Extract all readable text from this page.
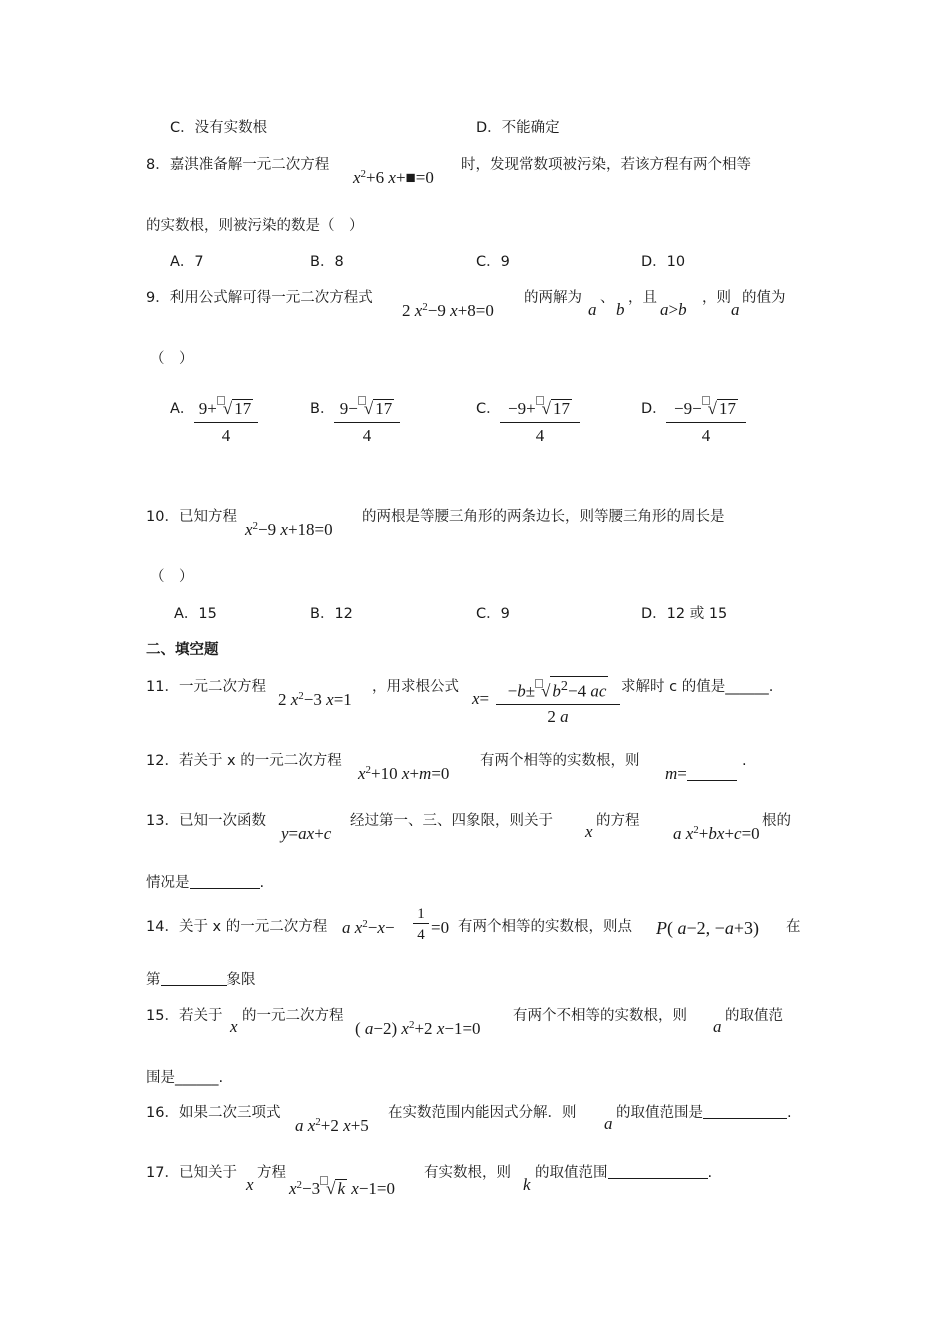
C．没有实数根	D．不能确定
8．嘉淇准备解一元二次方程
$x^2+6$ x+■=0
时，发现常数项被污染，若该方程有两个相等
的实数根，则被污染的数是（　）
A．7	B．8	C．9	D．10
9．利用公式解可得一元二次方程式
2 $x^2-9$ x+8=0
的两解为
a
、
b
，且
a>b
，则
a
的值为
（　）
A． $\frac{9+ √ 17}{4}$	B． $\frac{9- √ 17}{4}$	C． $\frac{-9+ √ 17}{4}$	D． $\frac{-9- √ 17}{4}$
10．已知方程
$x^2-9$ x+18=0
的两根是等腰三角形的两条边长，则等腰三角形的周长是
（　）
A．15	B．12	C．9	D．12 或 15
二、填空题
11．一元二次方程
2 $x^2-3$ x=1
，用求根公式
$x= \frac{-b\pm √ b^2-4 ac}{2 a}$ 求解时 c 的值是______.
12．若关于 x 的一元二次方程
$x^2+10$ x+m=0
有两个相等的实数根，则
m=
.
13．已知一次函数
y=ax+c
经过第一、三、四象限，则关于
x
的方程
a $x^2+bx+c=0$
根的
情况是	.
14．关于 x 的一元二次方程 a $x^2-x- \frac{1}{4} =0$ 有两个相等的实数根，则点 P( a−2, −a+3) 在
第	象限
15．若关于
x
的一元二次方程
( a−2) $x^2+2$ x−1=0
有两个不相等的实数根，则
a
的取值范
围是______.
16．如果二次三项式
a $x^2+2$ x+5
在实数范围内能因式分解．则
a
的取值范围是	.
17．已知关于
x
方程
$x^2-3$ √ k x−1=0
有实数根，则
k
的取值范围	.
